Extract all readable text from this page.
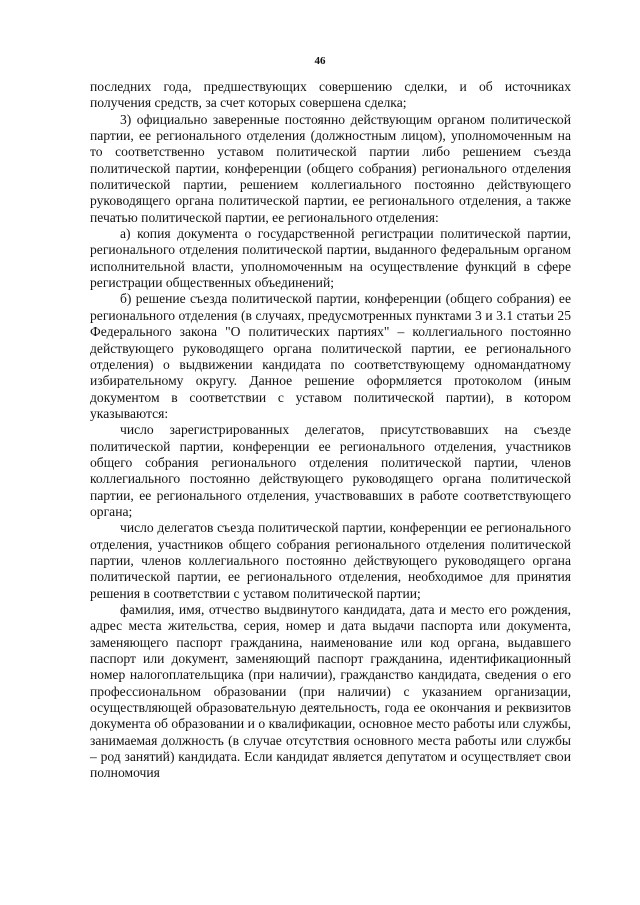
46

последних года, предшествующих совершению сделки, и об источниках получения средств, за счет которых совершена сделка;

3) официально заверенные постоянно действующим органом политической партии, ее регионального отделения (должностным лицом), уполномоченным на то соответственно уставом политической партии либо решением съезда политической партии, конференции (общего собрания) регионального отделения политической партии, решением коллегиального постоянно действующего руководящего органа политической партии, ее регионального отделения, а также печатью политической партии, ее регионального отделения:

а) копия документа о государственной регистрации политической партии, регионального отделения политической партии, выданного федеральным органом исполнительной власти, уполномоченным на осуществление функций в сфере регистрации общественных объединений;

б) решение съезда политической партии, конференции (общего собрания) ее регионального отделения (в случаях, предусмотренных пунктами 3 и 3.1 статьи 25 Федерального закона "О политических партиях" – коллегиального постоянно действующего руководящего органа политической партии, ее регионального отделения) о выдвижении кандидата по соответствующему одномандатному избирательному округу. Данное решение оформляется протоколом (иным документом в соответствии с уставом политической партии), в котором указываются:

число зарегистрированных делегатов, присутствовавших на съезде политической партии, конференции ее регионального отделения, участников общего собрания регионального отделения политической партии, членов коллегиального постоянно действующего руководящего органа политической партии, ее регионального отделения, участвовавших в работе соответствующего органа;

число делегатов съезда политической партии, конференции ее регионального отделения, участников общего собрания регионального отделения политической партии, членов коллегиального постоянно действующего руководящего органа политической партии, ее регионального отделения, необходимое для принятия решения в соответствии с уставом политической партии;

фамилия, имя, отчество выдвинутого кандидата, дата и место его рождения, адрес места жительства, серия, номер и дата выдачи паспорта или документа, заменяющего паспорт гражданина, наименование или код органа, выдавшего паспорт или документ, заменяющий паспорт гражданина, идентификационный номер налогоплательщика (при наличии), гражданство кандидата, сведения о его профессиональном образовании (при наличии) с указанием организации, осуществляющей образовательную деятельность, года ее окончания и реквизитов документа об образовании и о квалификации, основное место работы или службы, занимаемая должность (в случае отсутствия основного места работы или службы – род занятий) кандидата. Если кандидат является депутатом и осуществляет свои полномочия
